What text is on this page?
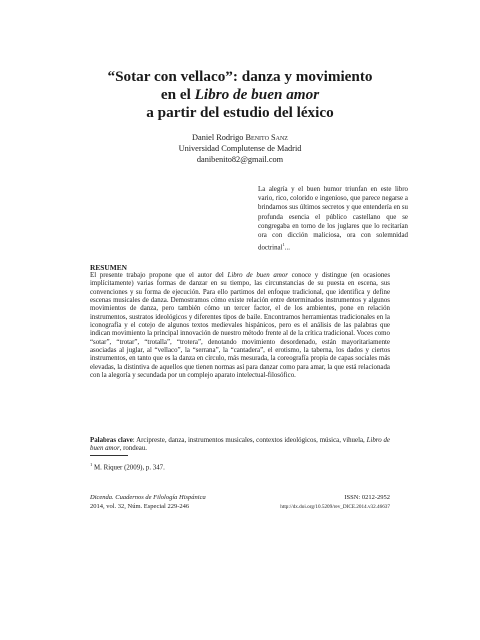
“Sotar con vellaco”: danza y movimiento
en el Libro de buen amor
a partir del estudio del léxico
Daniel Rodrigo Benito Sanz
Universidad Complutense de Madrid
danibenito82@gmail.com
La alegría y el buen humor triunfan en este libro vario, rico, colorido e ingenioso, que parece negarse a brindarnos sus últimos secretos y que entendería en su profunda esencia el público castellano que se congregaba en torno de los juglares que lo recitarían ora con dicción maliciosa, ora con solemnidad doctrinal$^1$...
RESUMEN
El presente trabajo propone que el autor del Libro de buen amor conoce y distingue (en ocasiones implícitamente) varias formas de danzar en su tiempo, las circunstancias de su puesta en escena, sus convenciones y su forma de ejecución. Para ello partimos del enfoque tradicional, que identifica y define escenas musicales de danza. Demostramos cómo existe relación entre determinados instrumentos y algunos movimientos de danza, pero también cómo un tercer factor, el de los ambientes, pone en relación instrumentos, sustratos ideológicos y diferentes tipos de baile. Encontramos herramientas tradicionales en la iconografía y el cotejo de algunos textos medievales hispánicos, pero es el análisis de las palabras que indican movimiento la principal innovación de nuestro método frente al de la crítica tradicional. Voces como “sotar”, “trotar”, “trotalla”, “trotera”, denotando movimiento desordenado, están mayoritariamente asociadas al juglar, al “vellaco”, la “serrana”, la “cantadera”, el erotismo, la taberna, los dados y ciertos instrumentos, en tanto que es la danza en círculo, más mesurada, la coreografía propia de capas sociales más elevadas, la distintiva de aquellos que tienen normas así para danzar como para amar, la que está relacionada con la alegoría y secundada por un complejo aparato intelectual-filosófico.
Palabras clave: Arcipreste, danza, instrumentos musicales, contextos ideológicos, música, vihuela, Libro de buen amor, rondeau.
$^1$ M. Riquer (2009), p. 347.
Dicenda. Cuadernos de Filología Hispánica
2014, vol. 32, Núm. Especial 229-246
ISSN: 0212-2952
http://dx.doi.org/10.5209/rev_DICE.2014.v32.46637
